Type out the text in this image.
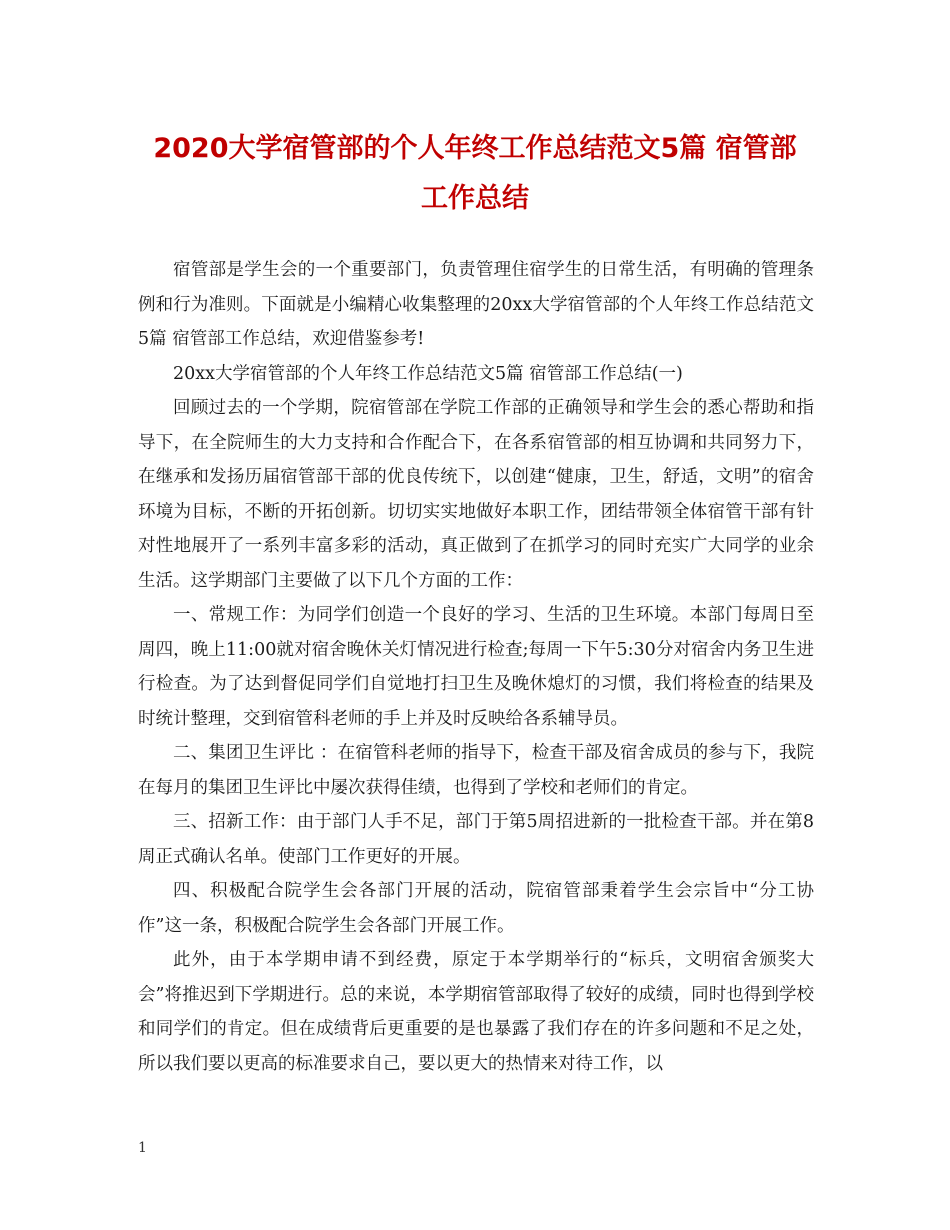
2020大学宿管部的个人年终工作总结范文5篇 宿管部
工作总结

宿管部是学生会的一个重要部门，负责管理住宿学生的日常生活，有明确的管理条例和行为准则。下面就是小编精心收集整理的20xx大学宿管部的个人年终工作总结范文5篇 宿管部工作总结，欢迎借鉴参考!

20xx大学宿管部的个人年终工作总结范文5篇 宿管部工作总结(一)

回顾过去的一个学期，院宿管部在学院工作部的正确领导和学生会的悉心帮助和指导下，在全院师生的大力支持和合作配合下，在各系宿管部的相互协调和共同努力下，在继承和发扬历届宿管部干部的优良传统下，以创建“健康，卫生，舒适，文明”的宿舍环境为目标，不断的开拓创新。切切实实地做好本职工作，团结带领全体宿管干部有针对性地展开了一系列丰富多彩的活动，真正做到了在抓学习的同时充实广大同学的业余生活。这学期部门主要做了以下几个方面的工作：

一、常规工作：为同学们创造一个良好的学习、生活的卫生环境。本部门每周日至周四，晚上11:00就对宿舍晚休关灯情况进行检查;每周一下午5:30分对宿舍内务卫生进行检查。为了达到督促同学们自觉地打扫卫生及晚休熄灯的习惯，我们将检查的结果及时统计整理，交到宿管科老师的手上并及时反映给各系辅导员。

二、集团卫生评比 ：在宿管科老师的指导下，检查干部及宿舍成员的参与下，我院在每月的集团卫生评比中屡次获得佳绩，也得到了学校和老师们的肯定。

三、招新工作：由于部门人手不足，部门于第5周招进新的一批检查干部。并在第8周正式确认名单。使部门工作更好的开展。

四、积极配合院学生会各部门开展的活动，院宿管部秉着学生会宗旨中“分工协作”这一条，积极配合院学生会各部门开展工作。

此外，由于本学期申请不到经费，原定于本学期举行的“标兵，文明宿舍颁奖大会”将推迟到下学期进行。总的来说，本学期宿管部取得了较好的成绩，同时也得到学校和同学们的肯定。但在成绩背后更重要的是也暴露了我们存在的许多问题和不足之处，所以我们要以更高的标准要求自己，要以更大的热情来对待工作，以

1
